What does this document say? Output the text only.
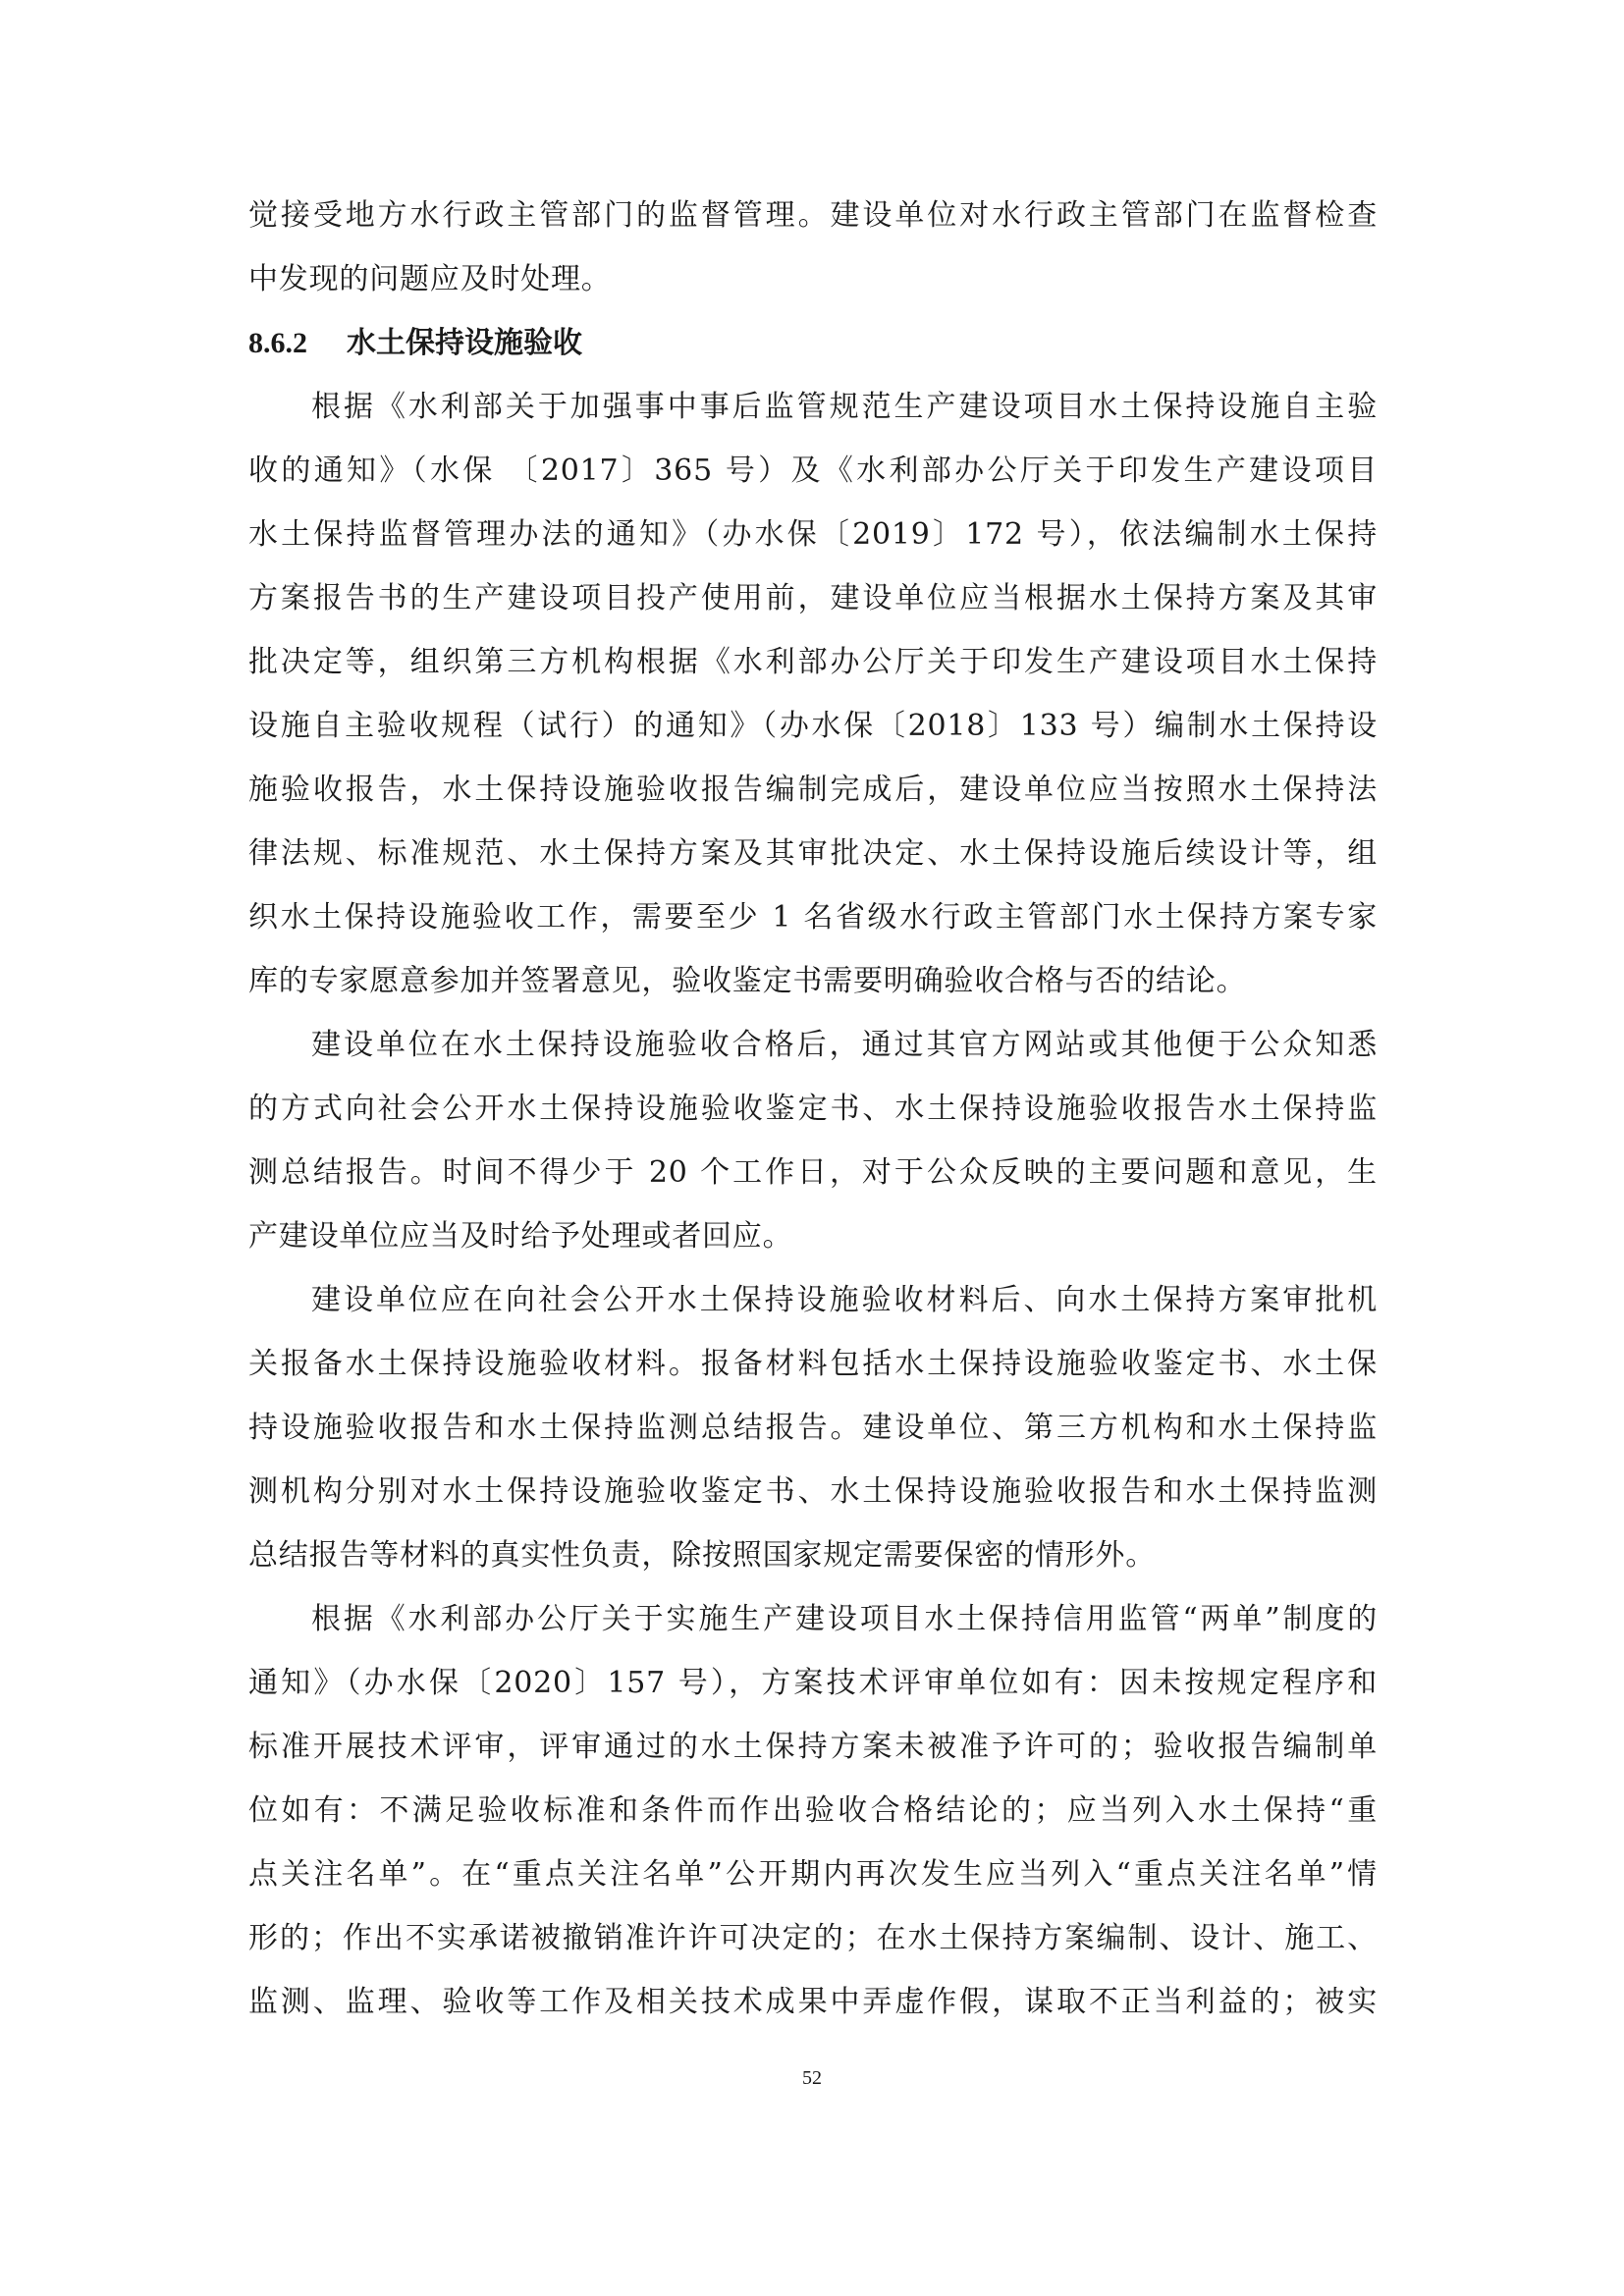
觉接受地方水行政主管部门的监督管理。建设单位对水行政主管部门在监督检查
中发现的问题应及时处理。
8.6.2 水土保持设施验收
根据《水利部关于加强事中事后监管规范生产建设项目水土保持设施自主验
收的通知》（水保 〔2017〕365 号）及《水利部办公厅关于印发生产建设项目
水土保持监督管理办法的通知》（办水保〔2019〕172 号），依法编制水土保持
方案报告书的生产建设项目投产使用前，建设单位应当根据水土保持方案及其审
批决定等，组织第三方机构根据《水利部办公厅关于印发生产建设项目水土保持
设施自主验收规程（试行）的通知》（办水保〔2018〕133 号）编制水土保持设
施验收报告，水土保持设施验收报告编制完成后，建设单位应当按照水土保持法
律法规、标准规范、水土保持方案及其审批决定、水土保持设施后续设计等，组
织水土保持设施验收工作，需要至少 1 名省级水行政主管部门水土保持方案专家
库的专家愿意参加并签署意见，验收鉴定书需要明确验收合格与否的结论。
建设单位在水土保持设施验收合格后，通过其官方网站或其他便于公众知悉
的方式向社会公开水土保持设施验收鉴定书、水土保持设施验收报告水土保持监
测总结报告。时间不得少于 20 个工作日，对于公众反映的主要问题和意见，生
产建设单位应当及时给予处理或者回应。
建设单位应在向社会公开水土保持设施验收材料后、向水土保持方案审批机
关报备水土保持设施验收材料。报备材料包括水土保持设施验收鉴定书、水土保
持设施验收报告和水土保持监测总结报告。建设单位、第三方机构和水土保持监
测机构分别对水土保持设施验收鉴定书、水土保持设施验收报告和水土保持监测
总结报告等材料的真实性负责，除按照国家规定需要保密的情形外。
根据《水利部办公厅关于实施生产建设项目水土保持信用监管“两单”制度的
通知》（办水保〔2020〕157 号），方案技术评审单位如有：因未按规定程序和
标准开展技术评审，评审通过的水土保持方案未被准予许可的；验收报告编制单
位如有：不满足验收标准和条件而作出验收合格结论的；应当列入水土保持“重
点关注名单”。在“重点关注名单”公开期内再次发生应当列入“重点关注名单”情
形的；作出不实承诺被撤销准许许可决定的；在水土保持方案编制、设计、施工、
监测、监理、验收等工作及相关技术成果中弄虚作假，谋取不正当利益的；被实
52
